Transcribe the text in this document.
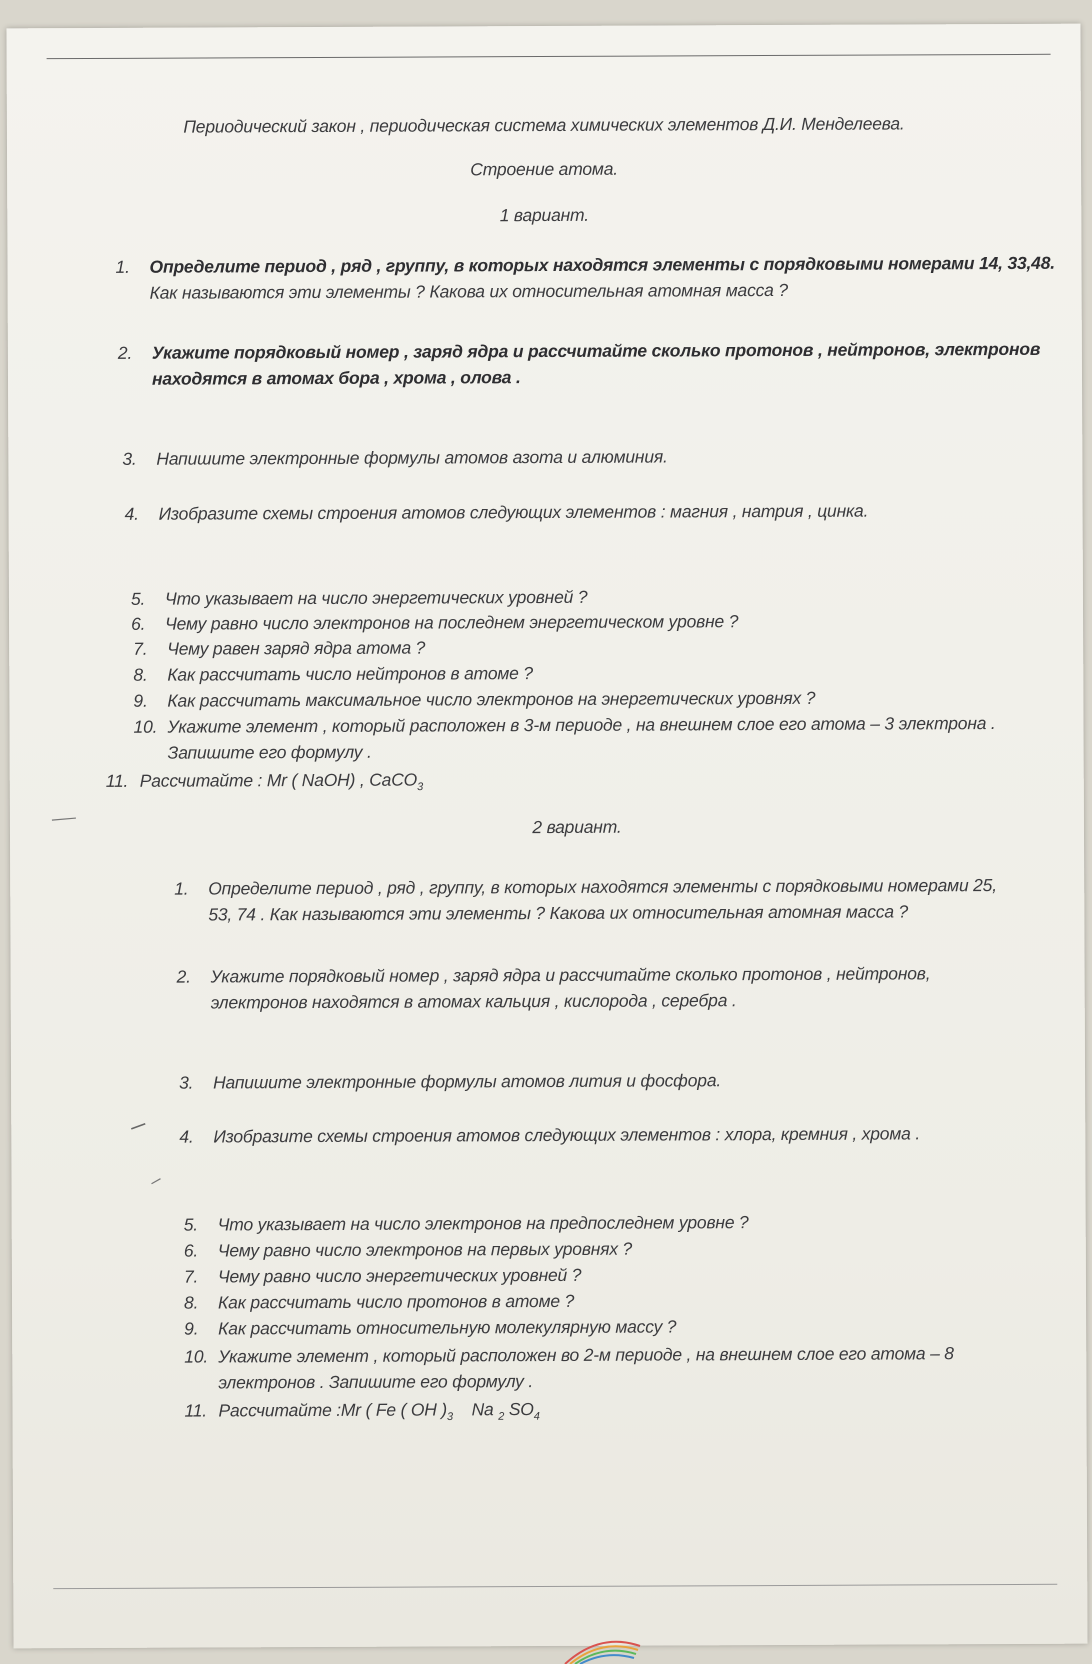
Периодический закон , периодическая система химических элементов Д.И. Менделеева.
Строение атома.
1 вариант.
1. Определите период , ряд , группу, в которых находятся элементы с порядковыми номерами 14, 33,48.
Как называются эти элементы ? Какова их относительная атомная масса ?
2. Укажите порядковый номер , заряд ядра и рассчитайте сколько протонов , нейтронов, электронов
находятся в атомах бора , хрома , олова .
3. Напишите электронные формулы атомов азота и алюминия.
4. Изобразите схемы строения атомов следующих элементов : магния , натрия , цинка.
5. Что указывает на число энергетических уровней ?
6. Чему равно число электронов на последнем энергетическом уровне ?
7. Чему равен заряд ядра атома ?
8. Как рассчитать число нейтронов в атоме ?
9. Как рассчитать максимальное число электронов на энергетических уровнях ?
10. Укажите элемент , который расположен в 3-м периоде , на внешнем слое его атома – 3 электрона .
Запишите его формулу .
11. Рассчитайте : Mr ( NaOH) , CaCO$_3$
2 вариант.
1. Определите период , ряд , группу, в которых находятся элементы с порядковыми номерами 25,
53, 74 . Как называются эти элементы ? Какова их относительная атомная масса ?
2. Укажите порядковый номер , заряд ядра и рассчитайте сколько протонов , нейтронов,
электронов находятся в атомах кальция , кислорода , серебра .
3. Напишите электронные формулы атомов лития и фосфора.
4. Изобразите схемы строения атомов следующих элементов : хлора, кремния , хрома .
5. Что указывает на число электронов на предпоследнем уровне ?
6. Чему равно число электронов на первых уровнях ?
7. Чему равно число энергетических уровней ?
8. Как рассчитать число протонов в атоме ?
9. Как рассчитать относительную молекулярную массу ?
10. Укажите элемент , который расположен во 2-м периоде , на внешнем слое его атома – 8
электронов . Запишите его формулу .
11. Рассчитайте :Mr ( Fe ( OH )$_3$ Na $_2$ $SO_4$
